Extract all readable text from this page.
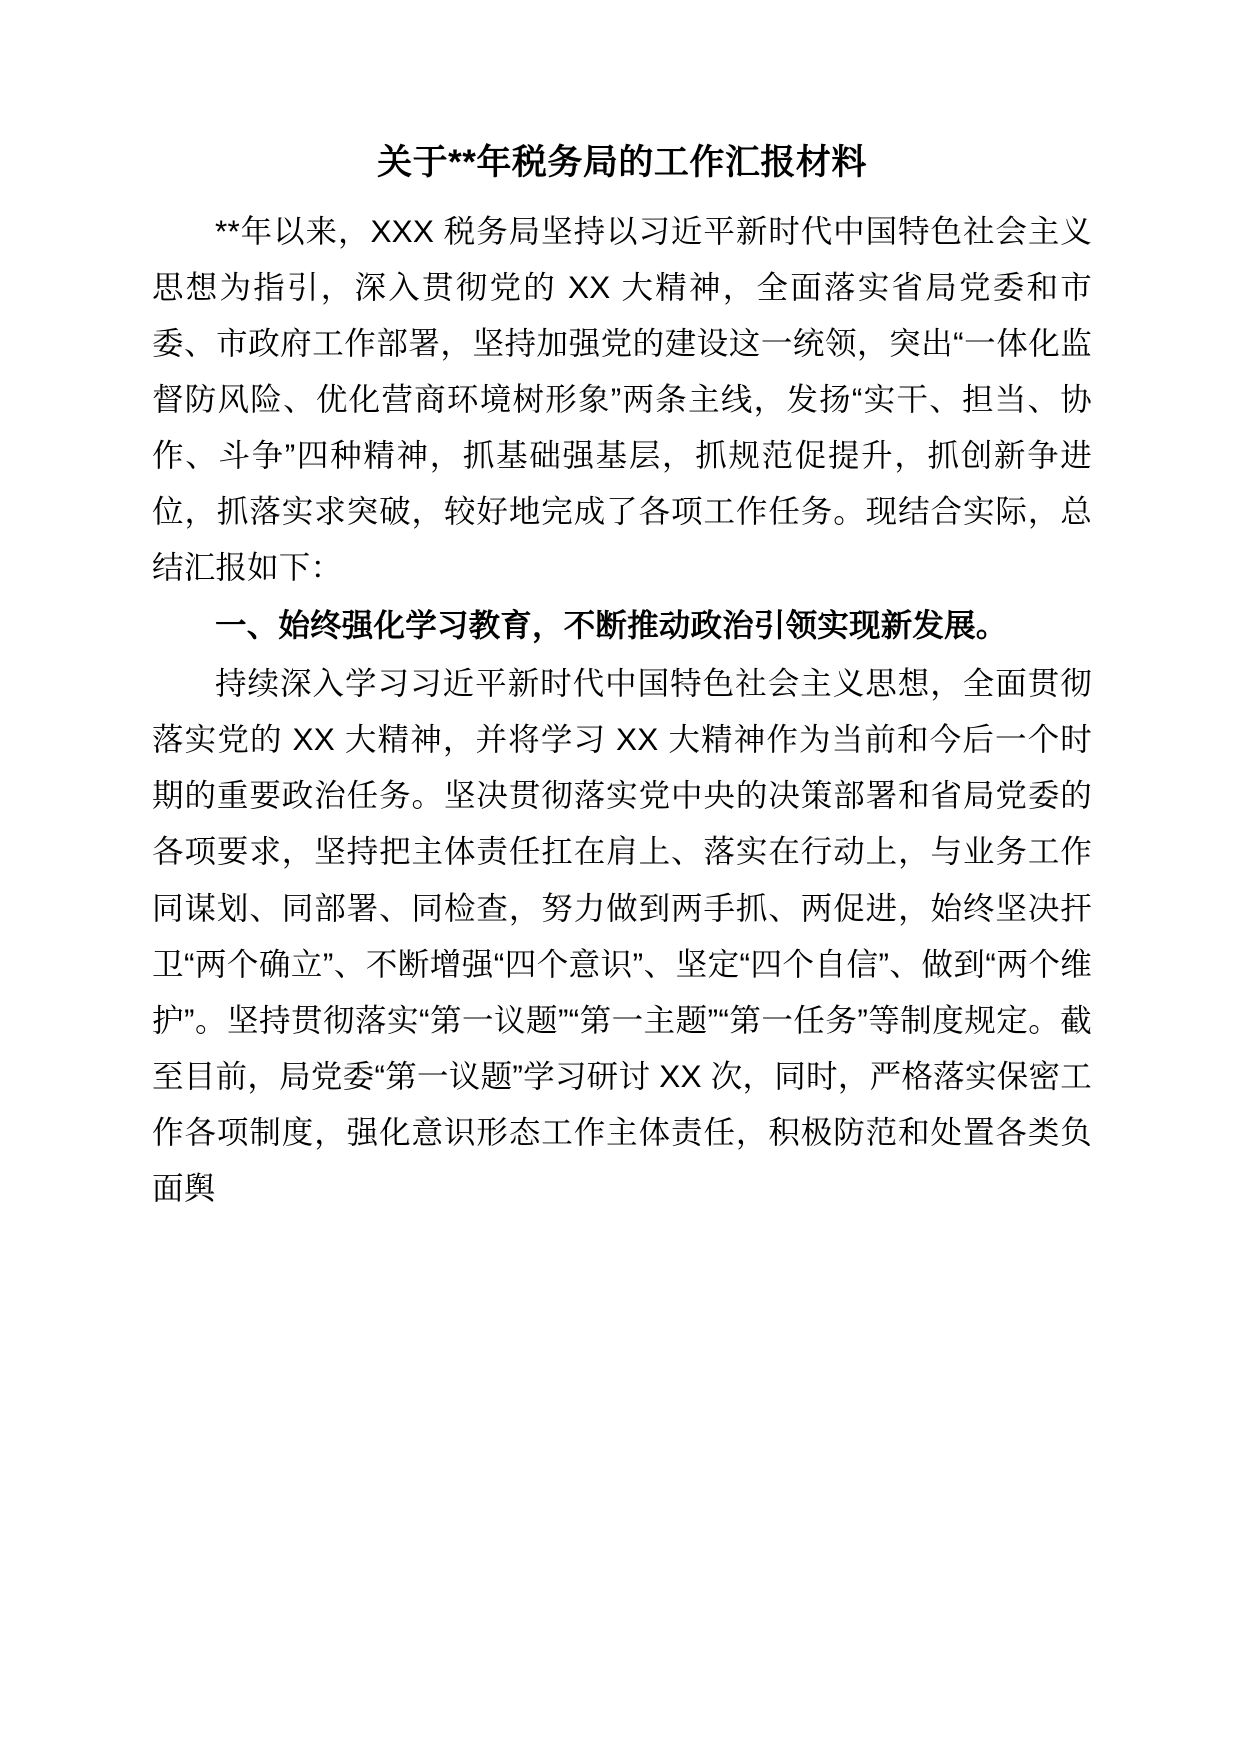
关于**年税务局的工作汇报材料

**年以来，XXX 税务局坚持以习近平新时代中国特色社会主义思想为指引，深入贯彻党的 XX 大精神，全面落实省局党委和市委、市政府工作部署，坚持加强党的建设这一统领，突出“一体化监督防风险、优化营商环境树形象”两条主线，发扬“实干、担当、协作、斗争”四种精神，抓基础强基层，抓规范促提升，抓创新争进位，抓落实求突破，较好地完成了各项工作任务。现结合实际，总结汇报如下：

一、始终强化学习教育，不断推动政治引领实现新发展。

持续深入学习习近平新时代中国特色社会主义思想，全面贯彻落实党的 XX 大精神，并将学习 XX 大精神作为当前和今后一个时期的重要政治任务。坚决贯彻落实党中央的决策部署和省局党委的各项要求，坚持把主体责任扛在肩上、落实在行动上，与业务工作同谋划、同部署、同检查，努力做到两手抓、两促进，始终坚决扞卫“两个确立”、不断增强“四个意识”、坚定“四个自信”、做到“两个维护”。坚持贯彻落实“第一议题”“第一主题”“第一任务”等制度规定。截至目前，局党委“第一议题”学习研讨 XX 次，同时，严格落实保密工作各项制度，强化意识形态工作主体责任，积极防范和处置各类负面舆
